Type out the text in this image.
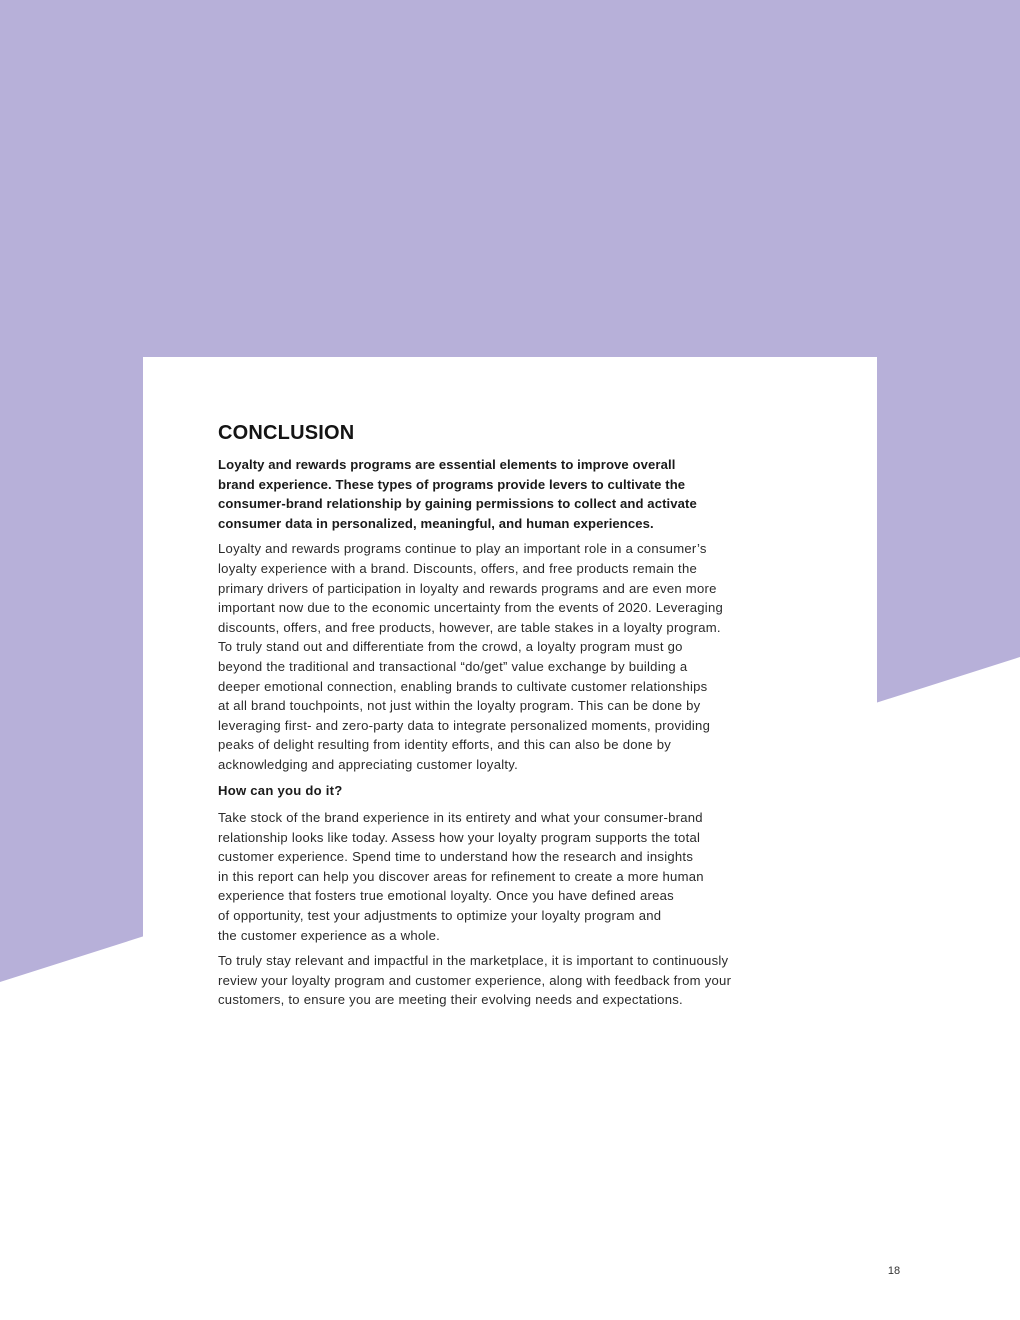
CONCLUSION

Loyalty and rewards programs are essential elements to improve overall
brand experience. These types of programs provide levers to cultivate the
consumer-brand relationship by gaining permissions to collect and activate
consumer data in personalized, meaningful, and human experiences.

Loyalty and rewards programs continue to play an important role in a consumer’s
loyalty experience with a brand. Discounts, offers, and free products remain the
primary drivers of participation in loyalty and rewards programs and are even more
important now due to the economic uncertainty from the events of 2020. Leveraging
discounts, offers, and free products, however, are table stakes in a loyalty program.
To truly stand out and differentiate from the crowd, a loyalty program must go
beyond the traditional and transactional “do/get” value exchange by building a
deeper emotional connection, enabling brands to cultivate customer relationships
at all brand touchpoints, not just within the loyalty program. This can be done by
leveraging first- and zero-party data to integrate personalized moments, providing
peaks of delight resulting from identity efforts, and this can also be done by
acknowledging and appreciating customer loyalty.

How can you do it?

Take stock of the brand experience in its entirety and what your consumer-brand
relationship looks like today. Assess how your loyalty program supports the total
customer experience. Spend time to understand how the research and insights
in this report can help you discover areas for refinement to create a more human
experience that fosters true emotional loyalty. Once you have defined areas
of opportunity, test your adjustments to optimize your loyalty program and
the customer experience as a whole.

To truly stay relevant and impactful in the marketplace, it is important to continuously
review your loyalty program and customer experience, along with feedback from your
customers, to ensure you are meeting their evolving needs and expectations.

18
